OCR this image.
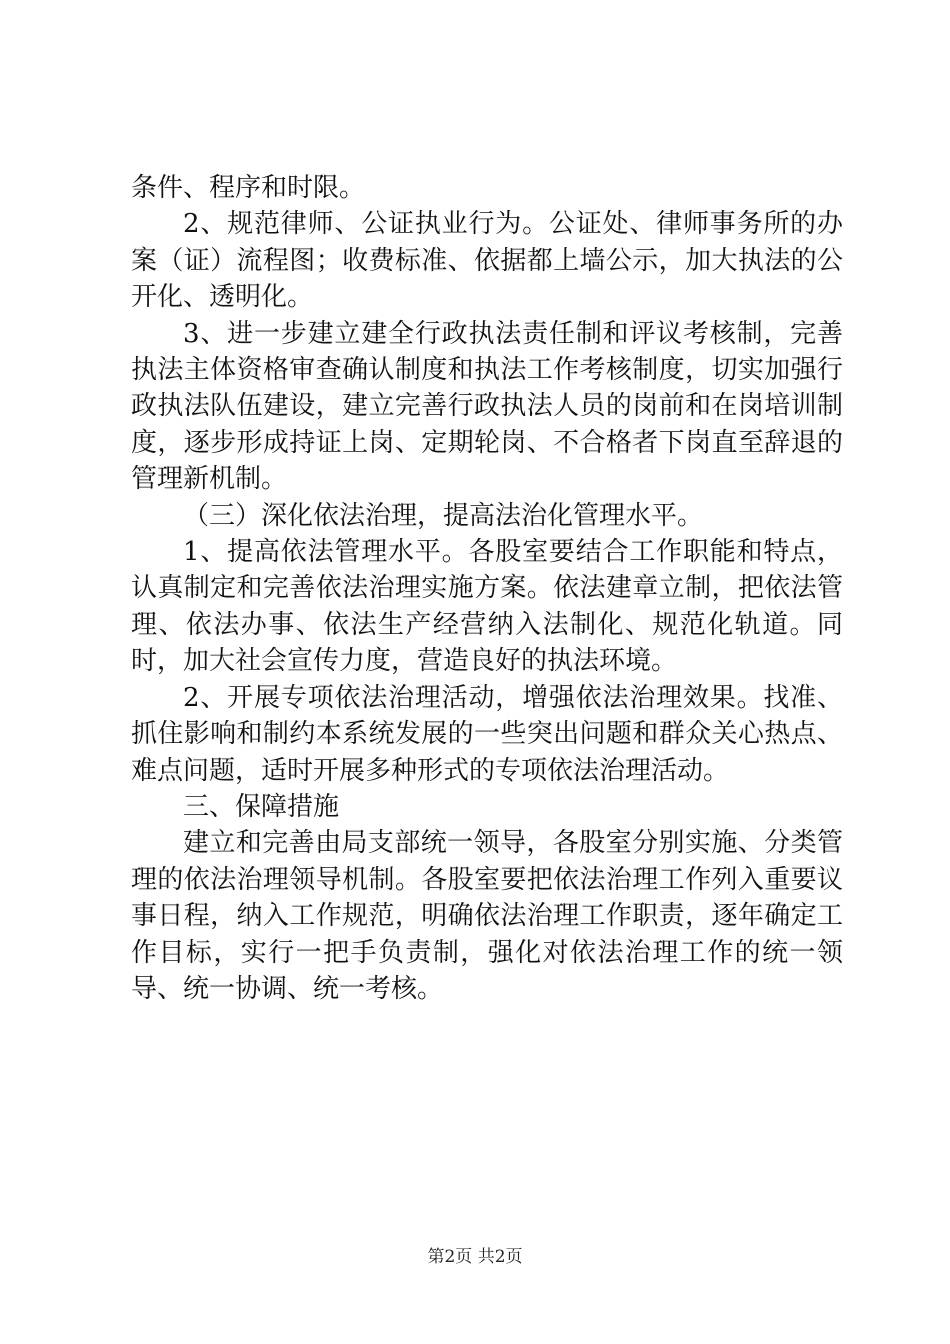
条件、程序和时限。

2、规范律师、公证执业行为。公证处、律师事务所的办案（证）流程图；收费标准、依据都上墙公示，加大执法的公开化、透明化。

3、进一步建立建全行政执法责任制和评议考核制，完善执法主体资格审查确认制度和执法工作考核制度，切实加强行政执法队伍建设，建立完善行政执法人员的岗前和在岗培训制度，逐步形成持证上岗、定期轮岗、不合格者下岗直至辞退的管理新机制。

（三）深化依法治理，提高法治化管理水平。

1、提高依法管理水平。各股室要结合工作职能和特点，认真制定和完善依法治理实施方案。依法建章立制，把依法管理、依法办事、依法生产经营纳入法制化、规范化轨道。同时，加大社会宣传力度，营造良好的执法环境。

2、开展专项依法治理活动，增强依法治理效果。找准、抓住影响和制约本系统发展的一些突出问题和群众关心热点、难点问题，适时开展多种形式的专项依法治理活动。

三、保障措施

建立和完善由局支部统一领导，各股室分别实施、分类管理的依法治理领导机制。各股室要把依法治理工作列入重要议事日程，纳入工作规范，明确依法治理工作职责，逐年确定工作目标，实行一把手负责制，强化对依法治理工作的统一领导、统一协调、统一考核。

第2页 共2页
